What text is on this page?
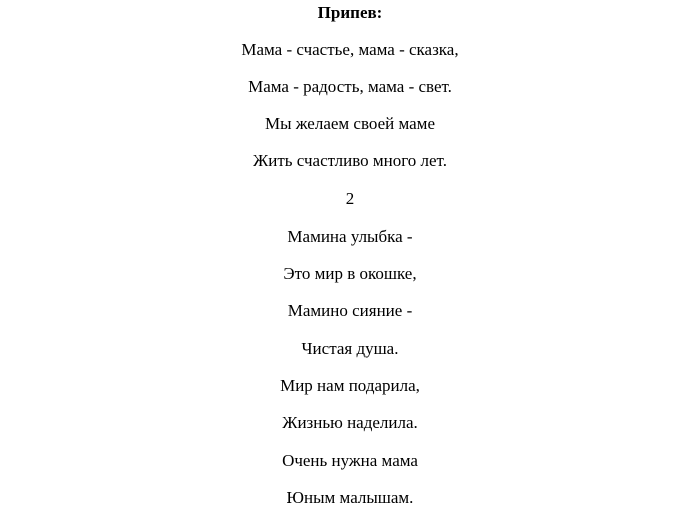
Припев:
Мама - счастье, мама - сказка,
Мама - радость, мама - свет.
Мы желаем своей маме
Жить счастливо много лет.
2
Мамина улыбка -
Это мир в окошке,
Мамино сияние -
Чистая душа.
Мир нам подарила,
Жизнью наделила.
Очень нужна мама
Юным малышам.
